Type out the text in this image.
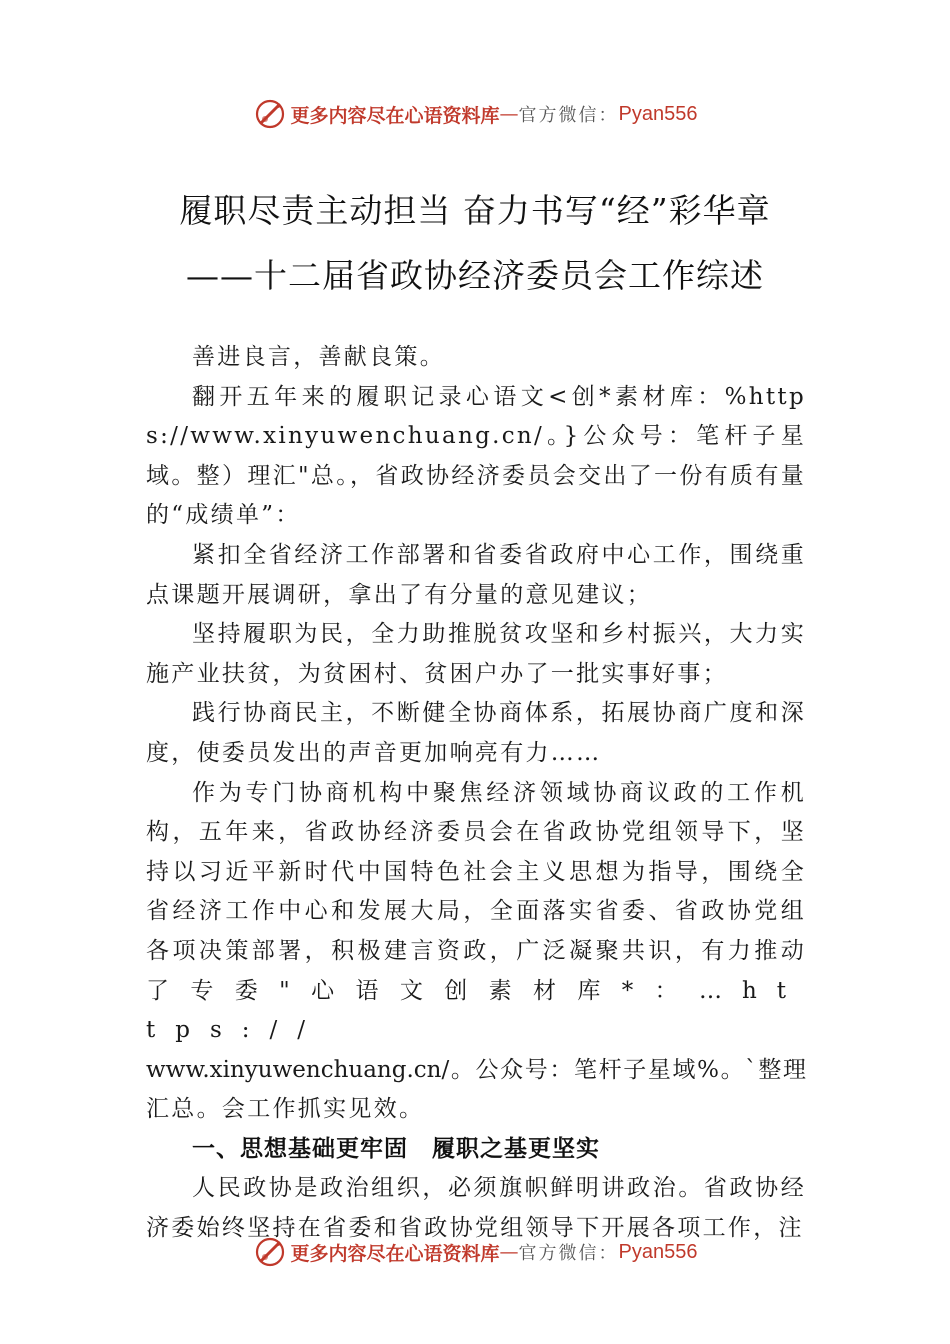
更多内容尽在心语资料库 — 官方微信： Pyan556
履职尽责主动担当 奋力书写“经”彩华章
——十二届省政协经济委员会工作综述

善进良言，善献良策。

翻开五年来的履职记录心语文<创*素材库：%https://www.xinyuwenchuang.cn/。}公众号：笔杆子星域。整）理汇"总。，省政协经济委员会交出了一份有质有量的“成绩单”：

紧扣全省经济工作部署和省委省政府中心工作，围绕重点课题开展调研，拿出了有分量的意见建议；

坚持履职为民，全力助推脱贫攻坚和乡村振兴，大力实施产业扶贫，为贫困村、贫困户办了一批实事好事；

践行协商民主，不断健全协商体系，拓展协商广度和深度，使委员发出的声音更加响亮有力……

作为专门协商机构中聚焦经济领域协商议政的工作机

构，五年来，省政协经济委员会在省政协党组领导下，坚

持以习近平新时代中国特色社会主义思想为指导，围绕全

省经济工作中心和发展大局，全面落实省委、省政协党组

各项决策部署，积极建言资政，广泛凝聚共识，有力推动

了专委"心语文创素材库*：…https://

www.xinyuwenchuang.cn/。公众号：笔杆子星域%。`整理

汇总。会工作抓实见效。

一、思想基础更牢固　履职之基更坚实

人民政协是政治组织，必须旗帜鲜明讲政治。省政协经济委始终坚持在省委和省政协党组领导下开展各项工作，注

更多内容尽在心语资料库 — 官方微信： Pyan556
